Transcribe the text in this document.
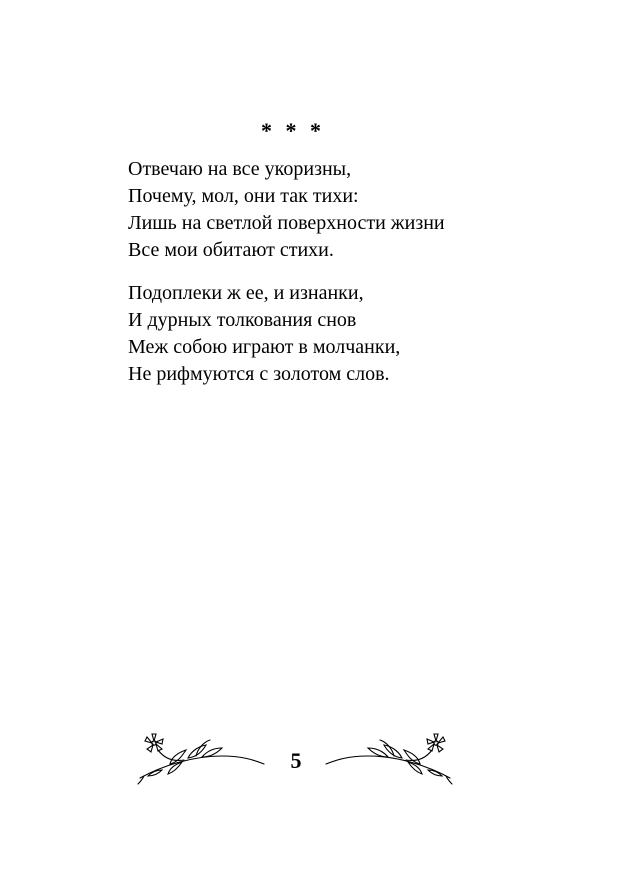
* * *
Отвечаю на все укоризны,
Почему, мол, они так тихи:
Лишь на светлой поверхности жизни
Все мои обитают стихи.
Подоплеки ж ее, и изнанки,
И дурных толкования снов
Меж собою играют в молчанки,
Не рифмуются с золотом слов.
5
